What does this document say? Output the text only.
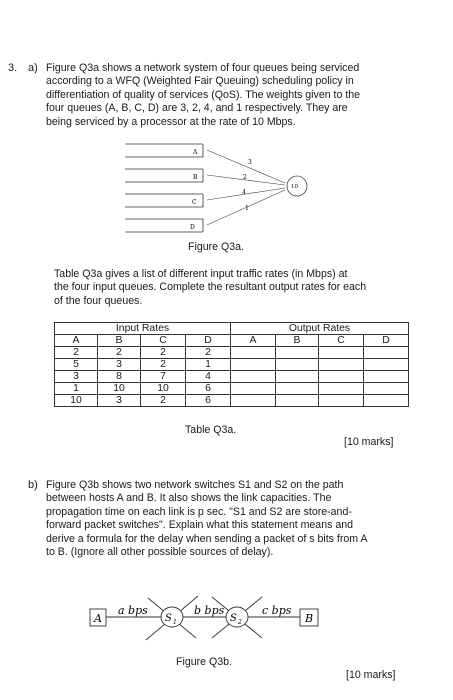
3. a) Figure Q3a shows a network system of four queues being serviced
according to a WFQ (Weighted Fair Queuing) scheduling policy in
differentiation of quality of services (QoS). The weights given to the
four queues (A, B, C, D) are 3, 2, 4, and 1 respectively. They are
being serviced by a processor at the rate of 10 Mbps.
A
B
C
D
3
2
4
1
10
Figure Q3a.
Table Q3a gives a list of different input traffic rates (in Mbps) at
the four input queues. Complete the resultant output rates for each
of the four queues.
Input Rates				Output Rates			
A	B	C	D	A	B	C	D
2	2	2	2				
5	3	2	1				
3	8	7	4				
1	10	10	6				
10	3	2	6				
Table Q3a.
[10 marks]
b) Figure Q3b shows two network switches S1 and S2 on the path
between hosts A and B. It also shows the link capacities. The
propagation time on each link is p sec. "S1 and S2 are store-and-
forward packet switches". Explain what this statement means and
derive a formula for the delay when sending a packet of s bits from A
to B. (Ignore all other possible sources of delay).
A
a bps
S 1
b bps
S 2
c bps
B
Figure Q3b.
[10 marks]
